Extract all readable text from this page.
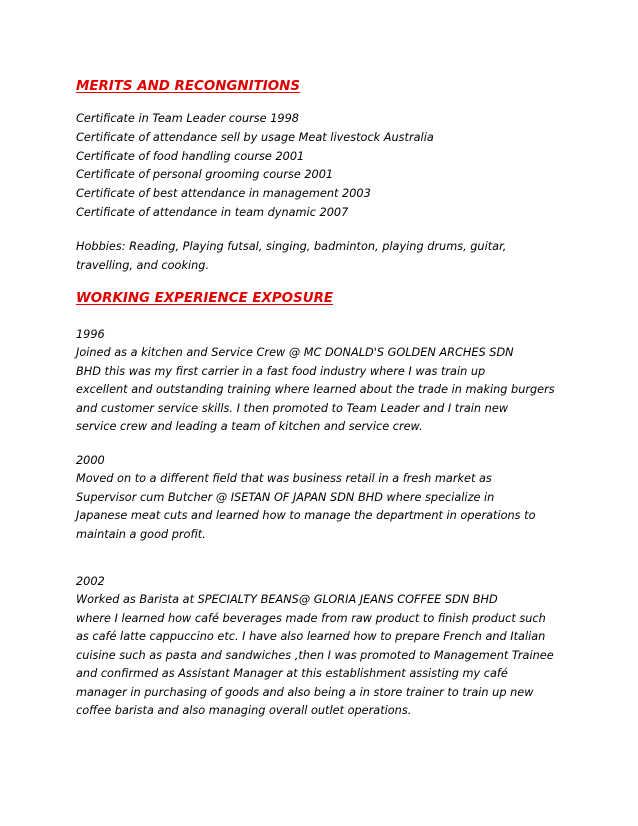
MERITS AND RECONGNITIONS
Certificate in Team Leader course 1998
Certificate of attendance sell by usage Meat livestock Australia
Certificate of food handling course 2001
Certificate of personal grooming course 2001
Certificate of best attendance in management 2003
Certificate of attendance in team dynamic 2007
Hobbies: Reading, Playing futsal, singing, badminton, playing drums, guitar,
travelling, and cooking.
WORKING EXPERIENCE EXPOSURE
1996
Joined as a kitchen and Service Crew @ MC DONALD'S GOLDEN ARCHES SDN
BHD this was my first carrier in a fast food industry where I was train up
excellent and outstanding training where learned about the trade in making burgers
and customer service skills. I then promoted to Team Leader and I train new
service crew and leading a team of kitchen and service crew.
2000
Moved on to a different field that was business retail in a fresh market as
Supervisor cum Butcher @ ISETAN OF JAPAN SDN BHD where specialize in
Japanese meat cuts and learned how to manage the department in operations to
maintain a good profit.
2002
Worked as Barista at SPECIALTY BEANS@ GLORIA JEANS COFFEE SDN BHD
where I learned how café beverages made from raw product to finish product such
as café latte cappuccino etc. I have also learned how to prepare French and Italian
cuisine such as pasta and sandwiches ,then I was promoted to Management Trainee
and confirmed as Assistant Manager at this establishment assisting my café
manager in purchasing of goods and also being a in store trainer to train up new
coffee barista and also managing overall outlet operations.
